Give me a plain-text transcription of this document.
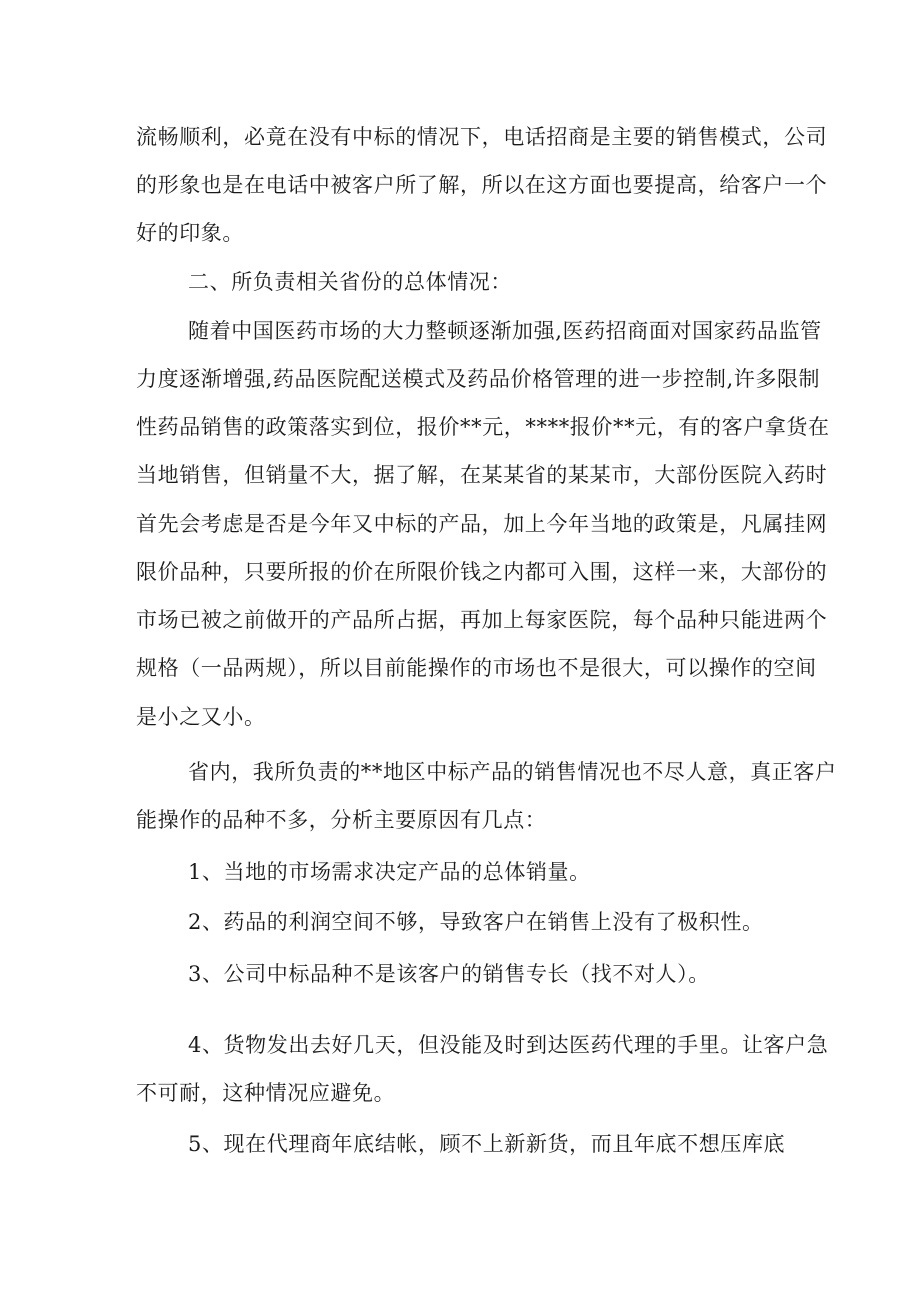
流畅顺利，必竟在没有中标的情况下，电话招商是主要的销售模式，公司
的形象也是在电话中被客户所了解，所以在这方面也要提高，给客户一个
好的印象。
二、所负责相关省份的总体情况：
随着中国医药市场的大力整顿逐渐加强,医药招商面对国家药品监管
力度逐渐增强,药品医院配送模式及药品价格管理的进一步控制,许多限制
性药品销售的政策落实到位，报价**元，****报价**元，有的客户拿货在
当地销售，但销量不大，据了解，在某某省的某某市，大部份医院入药时
首先会考虑是否是今年又中标的产品，加上今年当地的政策是，凡属挂网
限价品种，只要所报的价在所限价钱之内都可入围，这样一来，大部份的
市场已被之前做开的产品所占据，再加上每家医院，每个品种只能进两个
规格（一品两规），所以目前能操作的市场也不是很大，可以操作的空间
是小之又小。
省内，我所负责的**地区中标产品的销售情况也不尽人意，真正客户
能操作的品种不多，分析主要原因有几点：
1、当地的市场需求决定产品的总体销量。
2、药品的利润空间不够，导致客户在销售上没有了极积性。
3、公司中标品种不是该客户的销售专长（找不对人）。
4、货物发出去好几天，但没能及时到达医药代理的手里。让客户急
不可耐，这种情况应避免。
5、现在代理商年底结帐，顾不上新新货，而且年底不想压库底
